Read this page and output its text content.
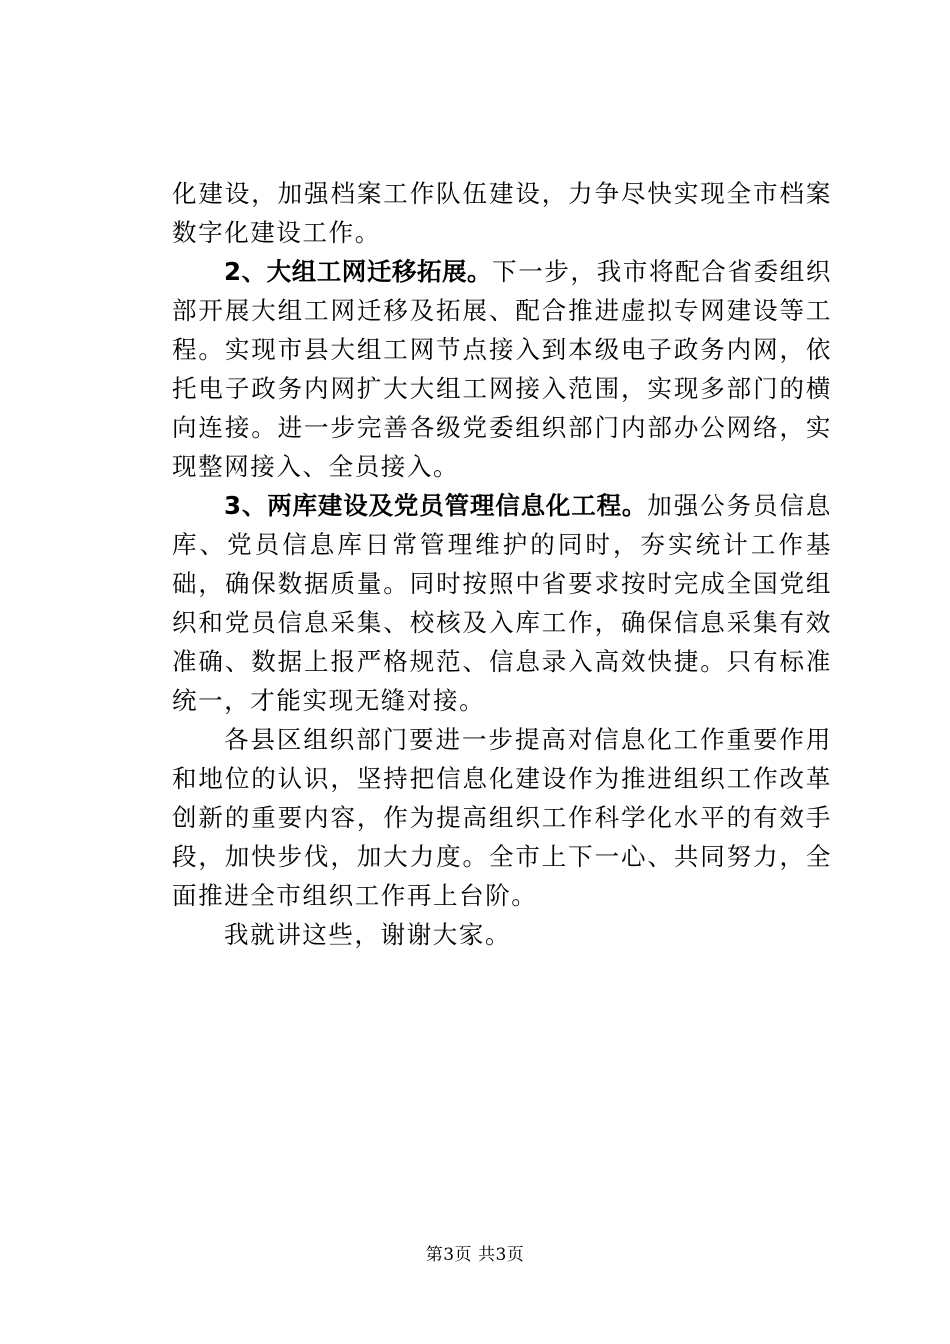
化建设，加强档案工作队伍建设，力争尽快实现全市档案数字化建设工作。

2、大组工网迁移拓展。下一步，我市将配合省委组织部开展大组工网迁移及拓展、配合推进虚拟专网建设等工程。实现市县大组工网节点接入到本级电子政务内网，依托电子政务内网扩大大组工网接入范围，实现多部门的横向连接。进一步完善各级党委组织部门内部办公网络，实现整网接入、全员接入。

3、两库建设及党员管理信息化工程。加强公务员信息库、党员信息库日常管理维护的同时，夯实统计工作基础，确保数据质量。同时按照中省要求按时完成全国党组织和党员信息采集、校核及入库工作，确保信息采集有效准确、数据上报严格规范、信息录入高效快捷。只有标准统一，才能实现无缝对接。

各县区组织部门要进一步提高对信息化工作重要作用和地位的认识，坚持把信息化建设作为推进组织工作改革创新的重要内容，作为提高组织工作科学化水平的有效手段，加快步伐，加大力度。全市上下一心、共同努力，全面推进全市组织工作再上台阶。

我就讲这些，谢谢大家。

第3页 共3页
